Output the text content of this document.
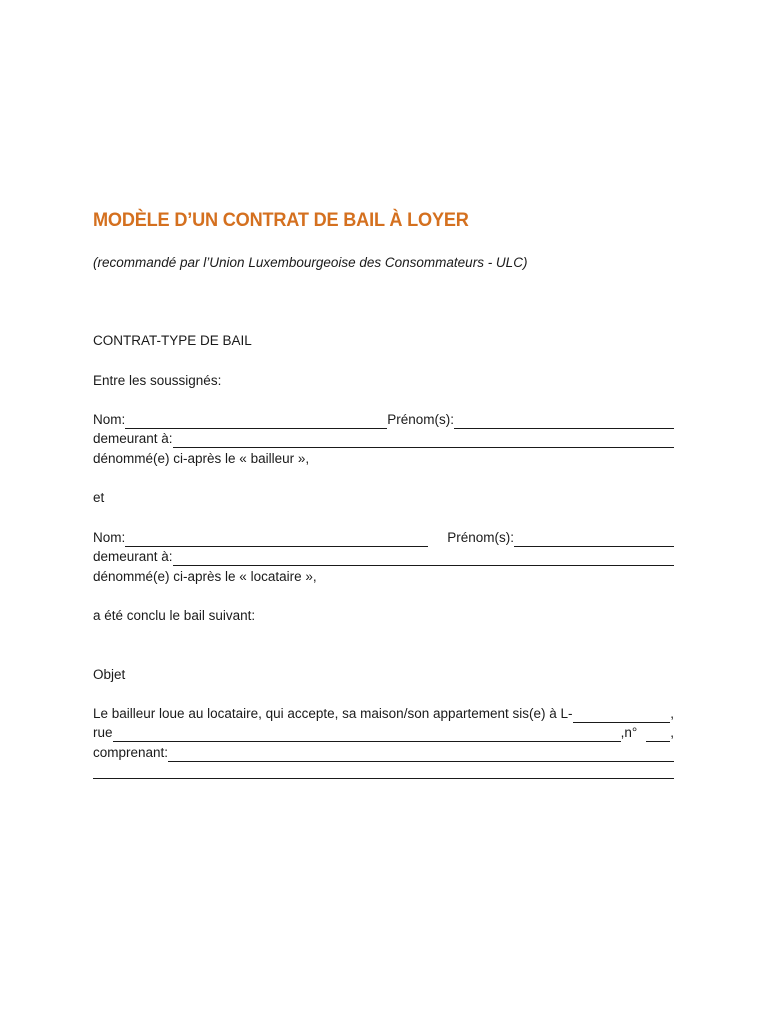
MODÈLE D’UN CONTRAT DE BAIL À LOYER
(recommandé par l’Union Luxembourgeoise des Consommateurs - ULC)
CONTRAT-TYPE DE BAIL
Entre les soussignés:
Nom:	Prénom(s):
demeurant à:
dénommé(e) ci-après le « bailleur »,
et
Nom:	Prénom(s):
demeurant à:
dénommé(e) ci-après le « locataire »,
a été conclu le bail suivant:
Objet
Le bailleur loue au locataire, qui accepte, sa maison/son appartement sis(e) à L-	,
rue	,n° ,
comprenant:
